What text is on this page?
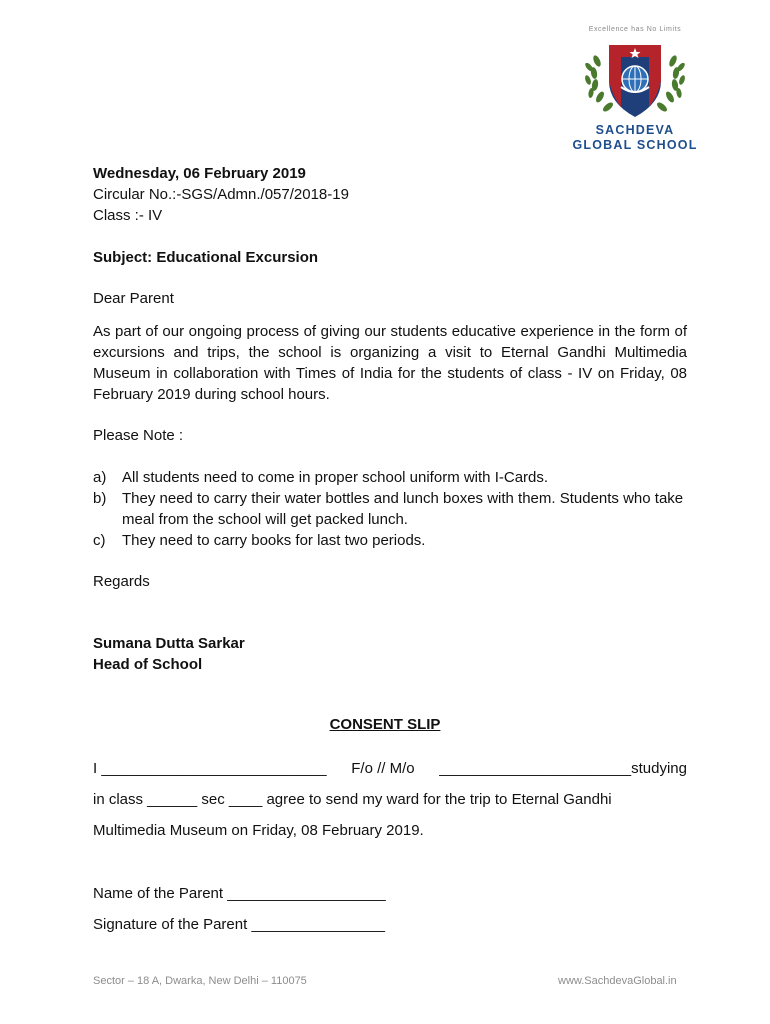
Excellence has No Limits
SACHDEVA
GLOBAL SCHOOL
Wednesday, 06 February 2019
Circular No.:-SGS/Admn./057/2018-19
Class :- IV
Subject: Educational Excursion
Dear Parent
As part of our ongoing process of giving our students educative experience in the form of excursions and trips, the school is organizing a visit to Eternal Gandhi Multimedia Museum in collaboration with Times of India for the students of class - IV on Friday, 08 February 2019 during school hours.
Please Note :
a)	All students need to come in proper school uniform with I-Cards.
b)	They need to carry their water bottles and lunch boxes with them. Students who take meal from the school will get packed lunch.
c)	They need to carry books for last two periods.
Regards
Sumana Dutta Sarkar
Head of School
CONSENT SLIP
I ___________________________ F/o // M/o _______________________studying
in class ______ sec ____ agree to send my ward for the trip to Eternal Gandhi
Multimedia Museum on Friday, 08 February 2019.
Name of the Parent ___________________
Signature of the Parent ________________
Sector – 18 A, Dwarka, New Delhi – 110075	www.SachdevaGlobal.in
